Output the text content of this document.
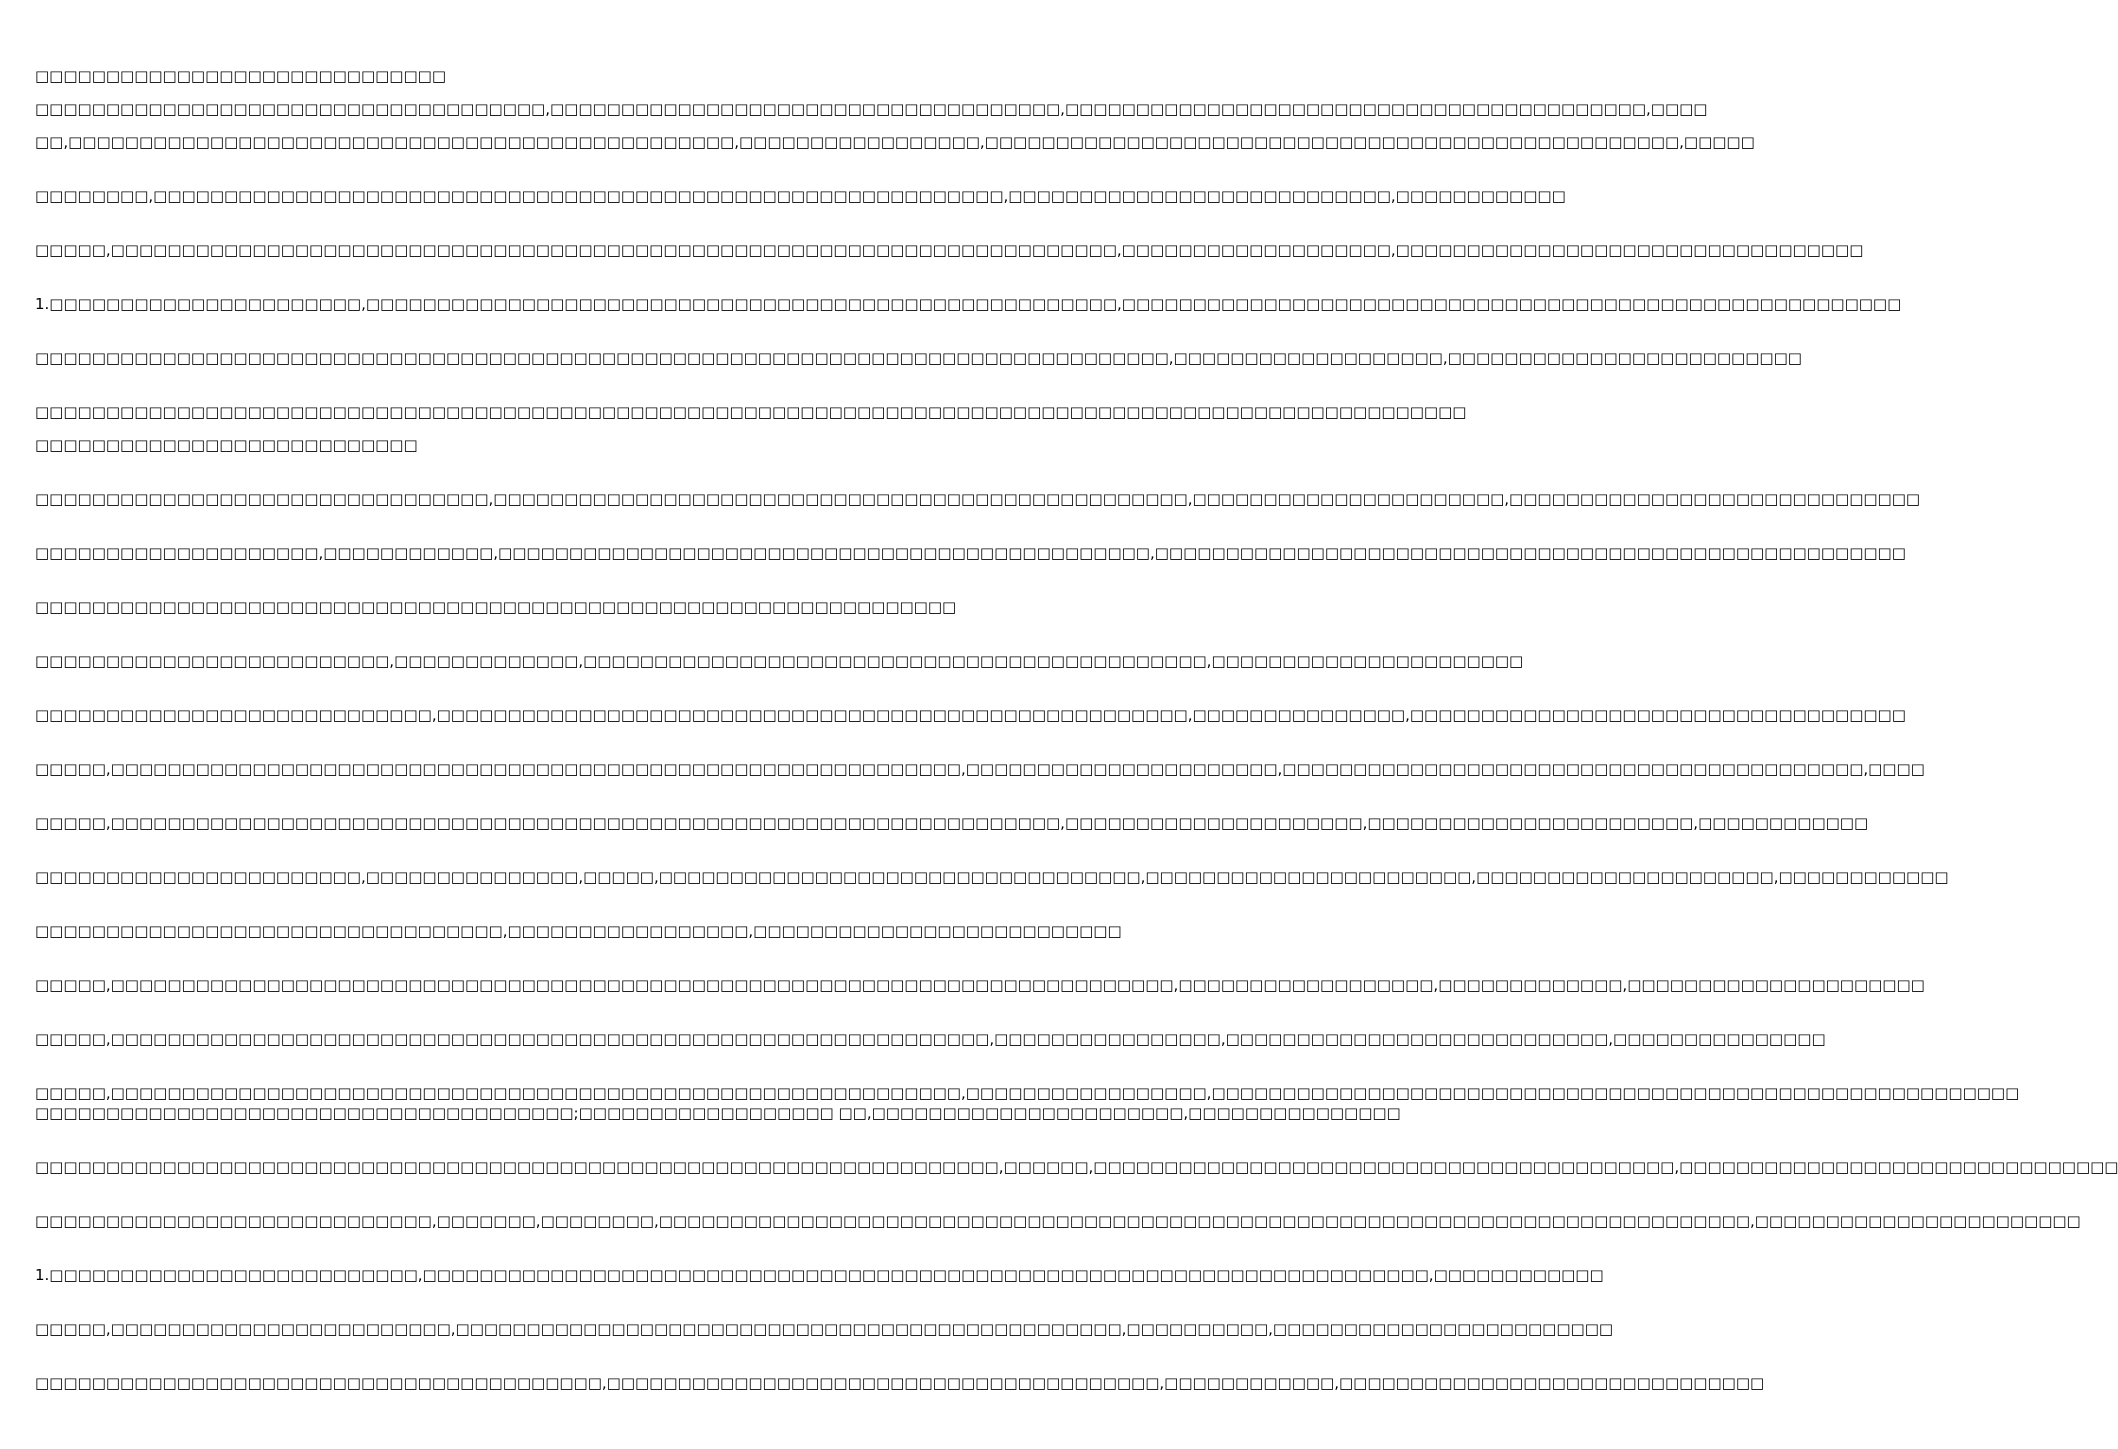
□□□□□□□□□□□□□□□□□□□□□□□□□□□□□
□□□□□□□□□□□□□□□□□□□□□□□□□□□□□□□□□□□□,□□□□□□□□□□□□□□□□□□□□□□□□□□□□□□□□□□□□,□□□□□□□□□□□□□□□□□□□□□□□□□□□□□□□□□□□□□□□□□,□□□□
□□,□□□□□□□□□□□□□□□□□□□□□□□□□□□□□□□□□□□□□□□□□□□□□□□,□□□□□□□□□□□□□□□□□,□□□□□□□□□□□□□□□□□□□□□□□□□□□□□□□□□□□□□□□□□□□□□□□□□,□□□□□
□□□□□□□□,□□□□□□□□□□□□□□□□□□□□□□□□□□□□□□□□□□□□□□□□□□□□□□□□□□□□□□□□□□□□,□□□□□□□□□□□□□□□□□□□□□□□□□□□,□□□□□□□□□□□□
□□□□□,□□□□□□□□□□□□□□□□□□□□□□□□□□□□□□□□□□□□□□□□□□□□□□□□□□□□□□□□□□□□□□□□□□□□□□□,□□□□□□□□□□□□□□□□□□□,□□□□□□□□□□□□□□□□□□□□□□□□□□□□□□□□□
1.□□□□□□□□□□□□□□□□□□□□□□,□□□□□□□□□□□□□□□□□□□□□□□□□□□□□□□□□□□□□□□□□□□□□□□□□□□□□,□□□□□□□□□□□□□□□□□□□□□□□□□□□□□□□□□□□□□□□□□□□□□□□□□□□□□□□
□□□□□□□□□□□□□□□□□□□□□□□□□□□□□□□□□□□□□□□□□□□□□□□□□□□□□□□□□□□□□□□□□□□□□□□□□□□□□□□□,□□□□□□□□□□□□□□□□□□□,□□□□□□□□□□□□□□□□□□□□□□□□□
□□□□□□□□□□□□□□□□□□□□□□□□□□□□□□□□□□□□□□□□□□□□□□□□□□□□□□□□□□□□□□□□□□□□□□□□□□□□□□□□□□□□□□□□□□□□□□□□□□□□□
□□□□□□□□□□□□□□□□□□□□□□□□□□□
□□□□□□□□□□□□□□□□□□□□□□□□□□□□□□□□,□□□□□□□□□□□□□□□□□□□□□□□□□□□□□□□□□□□□□□□□□□□□□□□□□,□□□□□□□□□□□□□□□□□□□□□□,□□□□□□□□□□□□□□□□□□□□□□□□□□□□□
□□□□□□□□□□□□□□□□□□□□,□□□□□□□□□□□□,□□□□□□□□□□□□□□□□□□□□□□□□□□□□□□□□□□□□□□□□□□□□□□,□□□□□□□□□□□□□□□□□□□□□□□□□□□□□□□□□□□□□□□□□□□□□□□□□□□□□
□□□□□□□□□□□□□□□□□□□□□□□□□□□□□□□□□□□□□□□□□□□□□□□□□□□□□□□□□□□□□□□□□
□□□□□□□□□□□□□□□□□□□□□□□□□,□□□□□□□□□□□□□,□□□□□□□□□□□□□□□□□□□□□□□□□□□□□□□□□□□□□□□□□□□□,□□□□□□□□□□□□□□□□□□□□□□
□□□□□□□□□□□□□□□□□□□□□□□□□□□□,□□□□□□□□□□□□□□□□□□□□□□□□□□□□□□□□□□□□□□□□□□□□□□□□□□□□□,□□□□□□□□□□□□□□□,□□□□□□□□□□□□□□□□□□□□□□□□□□□□□□□□□□□
□□□□□,□□□□□□□□□□□□□□□□□□□□□□□□□□□□□□□□□□□□□□□□□□□□□□□□□□□□□□□□□□□□,□□□□□□□□□□□□□□□□□□□□□□,□□□□□□□□□□□□□□□□□□□□□□□□□□□□□□□□□□□□□□□□□,□□□□
□□□□□,□□□□□□□□□□□□□□□□□□□□□□□□□□□□□□□□□□□□□□□□□□□□□□□□□□□□□□□□□□□□□□□□□□□,□□□□□□□□□□□□□□□□□□□□□,□□□□□□□□□□□□□□□□□□□□□□□,□□□□□□□□□□□□
□□□□□□□□□□□□□□□□□□□□□□□,□□□□□□□□□□□□□□□,□□□□□,□□□□□□□□□□□□□□□□□□□□□□□□□□□□□□□□□□,□□□□□□□□□□□□□□□□□□□□□□□,□□□□□□□□□□□□□□□□□□□□□,□□□□□□□□□□□□
□□□□□□□□□□□□□□□□□□□□□□□□□□□□□□□□□,□□□□□□□□□□□□□□□□□,□□□□□□□□□□□□□□□□□□□□□□□□□□
□□□□□,□□□□□□□□□□□□□□□□□□□□□□□□□□□□□□□□□□□□□□□□□□□□□□□□□□□□□□□□□□□□□□□□□□□□□□□□□□□,□□□□□□□□□□□□□□□□□□,□□□□□□□□□□□□□,□□□□□□□□□□□□□□□□□□□□□
□□□□□,□□□□□□□□□□□□□□□□□□□□□□□□□□□□□□□□□□□□□□□□□□□□□□□□□□□□□□□□□□□□□□,□□□□□□□□□□□□□□□□,□□□□□□□□□□□□□□□□□□□□□□□□□□□,□□□□□□□□□□□□□□□
□□□□□,□□□□□□□□□□□□□□□□□□□□□□□□□□□□□□□□□□□□□□□□□□□□□□□□□□□□□□□□□□□□,□□□□□□□□□□□□□□□□□,□□□□□□□□□□□□□□□□□□□□□□□□□□□□□□□□□□□□□□□□□□□□□□□□□□□□□□□□□
□□□□□□□□□□□□□□□□□□□□□□□□□□□□□□□□□□□□□□;□□□□□□□□□□□□□□□□□□ □□,□□□□□□□□□□□□□□□□□□□□□□,□□□□□□□□□□□□□□□
□□□□□□□□□□□□□□□□□□□□□□□□□□□□□□□□□□□□□□□□□□□□□□□□□□□□□□□□□□□□□□□□□□□□,□□□□□□,□□□□□□□□□□□□□□□□□□□□□□□□□□□□□□□□□□□□□□□□□,□□□□□□□□□□□□□□□□□□□□□□□□□□□□□□□
□□□□□□□□□□□□□□□□□□□□□□□□□□□□,□□□□□□□,□□□□□□□□,□□□□□□□□□□□□□□□□□□□□□□□□□□□□□□□□□□□□□□□□□□□□□□□□□□□□□□□□□□□□□□□□□□□□□□□□□□□□□,□□□□□□□□□□□□□□□□□□□□□□□
1.□□□□□□□□□□□□□□□□□□□□□□□□□□,□□□□□□□□□□□□□□□□□□□□□□□□□□□□□□□□□□□□□□□□□□□□□□□□□□□□□□□□□□□□□□□□□□□□□□□,□□□□□□□□□□□□
□□□□□,□□□□□□□□□□□□□□□□□□□□□□□□,□□□□□□□□□□□□□□□□□□□□□□□□□□□□□□□□□□□□□□□□□□□□□□□,□□□□□□□□□□,□□□□□□□□□□□□□□□□□□□□□□□□
□□□□□□□□□□□□□□□□□□□□□□□□□□□□□□□□□□□□□□□□,□□□□□□□□□□□□□□□□□□□□□□□□□□□□□□□□□□□□□□□,□□□□□□□□□□□□,□□□□□□□□□□□□□□□□□□□□□□□□□□□□□□
